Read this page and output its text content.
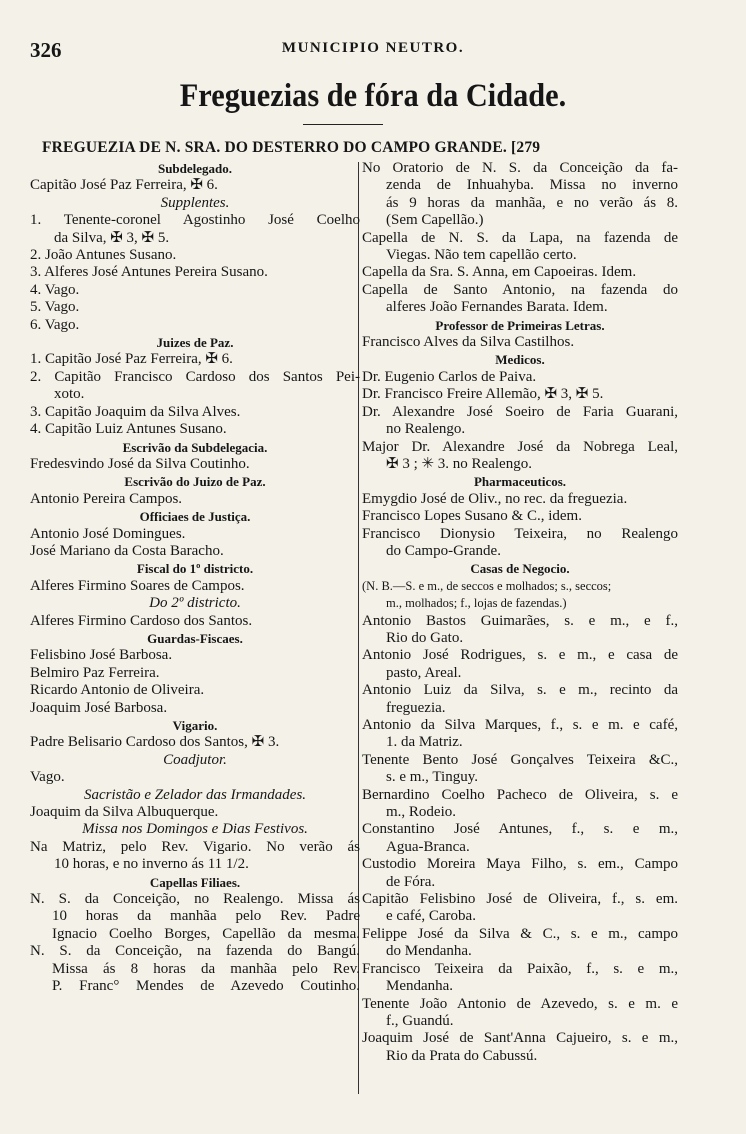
326	MUNICIPIO NEUTRO.
Freguezias de fóra da Cidade.
FREGUEZIA DE N. SRA. DO DESTERRO DO CAMPO GRANDE. [279
Subdelegado.
Capitão José Paz Ferreira, ✠ 6.
Supplentes.
1. Tenente-coronel Agostinho José Coelho
da Silva, ✠ 3, ✠ 5.
2. João Antunes Susano.
3. Alferes José Antunes Pereira Susano.
4. Vago.
5. Vago.
6. Vago.
Juizes de Paz.
1. Capitão José Paz Ferreira, ✠ 6.
2. Capitão Francisco Cardoso dos Santos Pei-
xoto.
3. Capitão Joaquim da Silva Alves.
4. Capitão Luiz Antunes Susano.
Escrivão da Subdelegacia.
Fredesvindo José da Silva Coutinho.
Escrivão do Juizo de Paz.
Antonio Pereira Campos.
Officiaes de Justiça.
Antonio José Domingues.
José Mariano da Costa Baracho.
Fiscal do 1º districto.
Alferes Firmino Soares de Campos.
Do 2º districto.
Alferes Firmino Cardoso dos Santos.
Guardas-Fiscaes.
Felisbino José Barbosa.
Belmiro Paz Ferreira.
Ricardo Antonio de Oliveira.
Joaquim José Barbosa.
Vigario.
Padre Belisario Cardoso dos Santos, ✠ 3.
Coadjutor.
Vago.
Sacristão e Zelador das Irmandades.
Joaquim da Silva Albuquerque.
Missa nos Domingos e Dias Festivos.
Na Matriz, pelo Rev. Vigario. No verão ás
10 horas, e no inverno ás 11 1/2.
Capellas Filiaes.
N. S. da Conceição, no Realengo. Missa ás
10 horas da manhãa pelo Rev. Padre
Ignacio Coelho Borges, Capellão da mesma.
N. S. da Conceição, na fazenda do Bangú.
Missa ás 8 horas da manhãa pelo Rev.
P. Franc° Mendes de Azevedo Coutinho.
No Oratorio de N. S. da Conceição da fa-
zenda de Inhuahyba. Missa no inverno
ás 9 horas da manhãa, e no verão ás 8.
(Sem Capellão.)
Capella de N. S. da Lapa, na fazenda de
Viegas. Não tem capellão certo.
Capella da Sra. S. Anna, em Capoeiras. Idem.
Capella de Santo Antonio, na fazenda do
alferes João Fernandes Barata. Idem.
Professor de Primeiras Letras.
Francisco Alves da Silva Castilhos.
Medicos.
Dr. Eugenio Carlos de Paiva.
Dr. Francisco Freire Allemão, ✠ 3, ✠ 5.
Dr. Alexandre José Soeiro de Faria Guarani,
no Realengo.
Major Dr. Alexandre José da Nobrega Leal,
✠ 3 ; ✳ 3. no Realengo.
Pharmaceuticos.
Emygdio José de Oliv., no rec. da freguezia.
Francisco Lopes Susano & C., idem.
Francisco Dionysio Teixeira, no Realengo
do Campo-Grande.
Casas de Negocio.
(N. B.—S. e m., de seccos e molhados; s., seccos;
m., molhados; f., lojas de fazendas.)
Antonio Bastos Guimarães, s. e m., e f.,
Rio do Gato.
Antonio José Rodrigues, s. e m., e casa de
pasto, Areal.
Antonio Luiz da Silva, s. e m., recinto da
freguezia.
Antonio da Silva Marques, f., s. e m. e café,
1. da Matriz.
Tenente Bento José Gonçalves Teixeira &C.,
s. e m., Tinguy.
Bernardino Coelho Pacheco de Oliveira, s. e
m., Rodeio.
Constantino José Antunes, f., s. e m.,
Agua-Branca.
Custodio Moreira Maya Filho, s. em., Campo
de Fóra.
Capitão Felisbino José de Oliveira, f., s. em.
e café, Caroba.
Felippe José da Silva & C., s. e m., campo
do Mendanha.
Francisco Teixeira da Paixão, f., s. e m.,
Mendanha.
Tenente João Antonio de Azevedo, s. e m. e
f., Guandú.
Joaquim José de Sant'Anna Cajueiro, s. e m.,
Rio da Prata do Cabussú.
